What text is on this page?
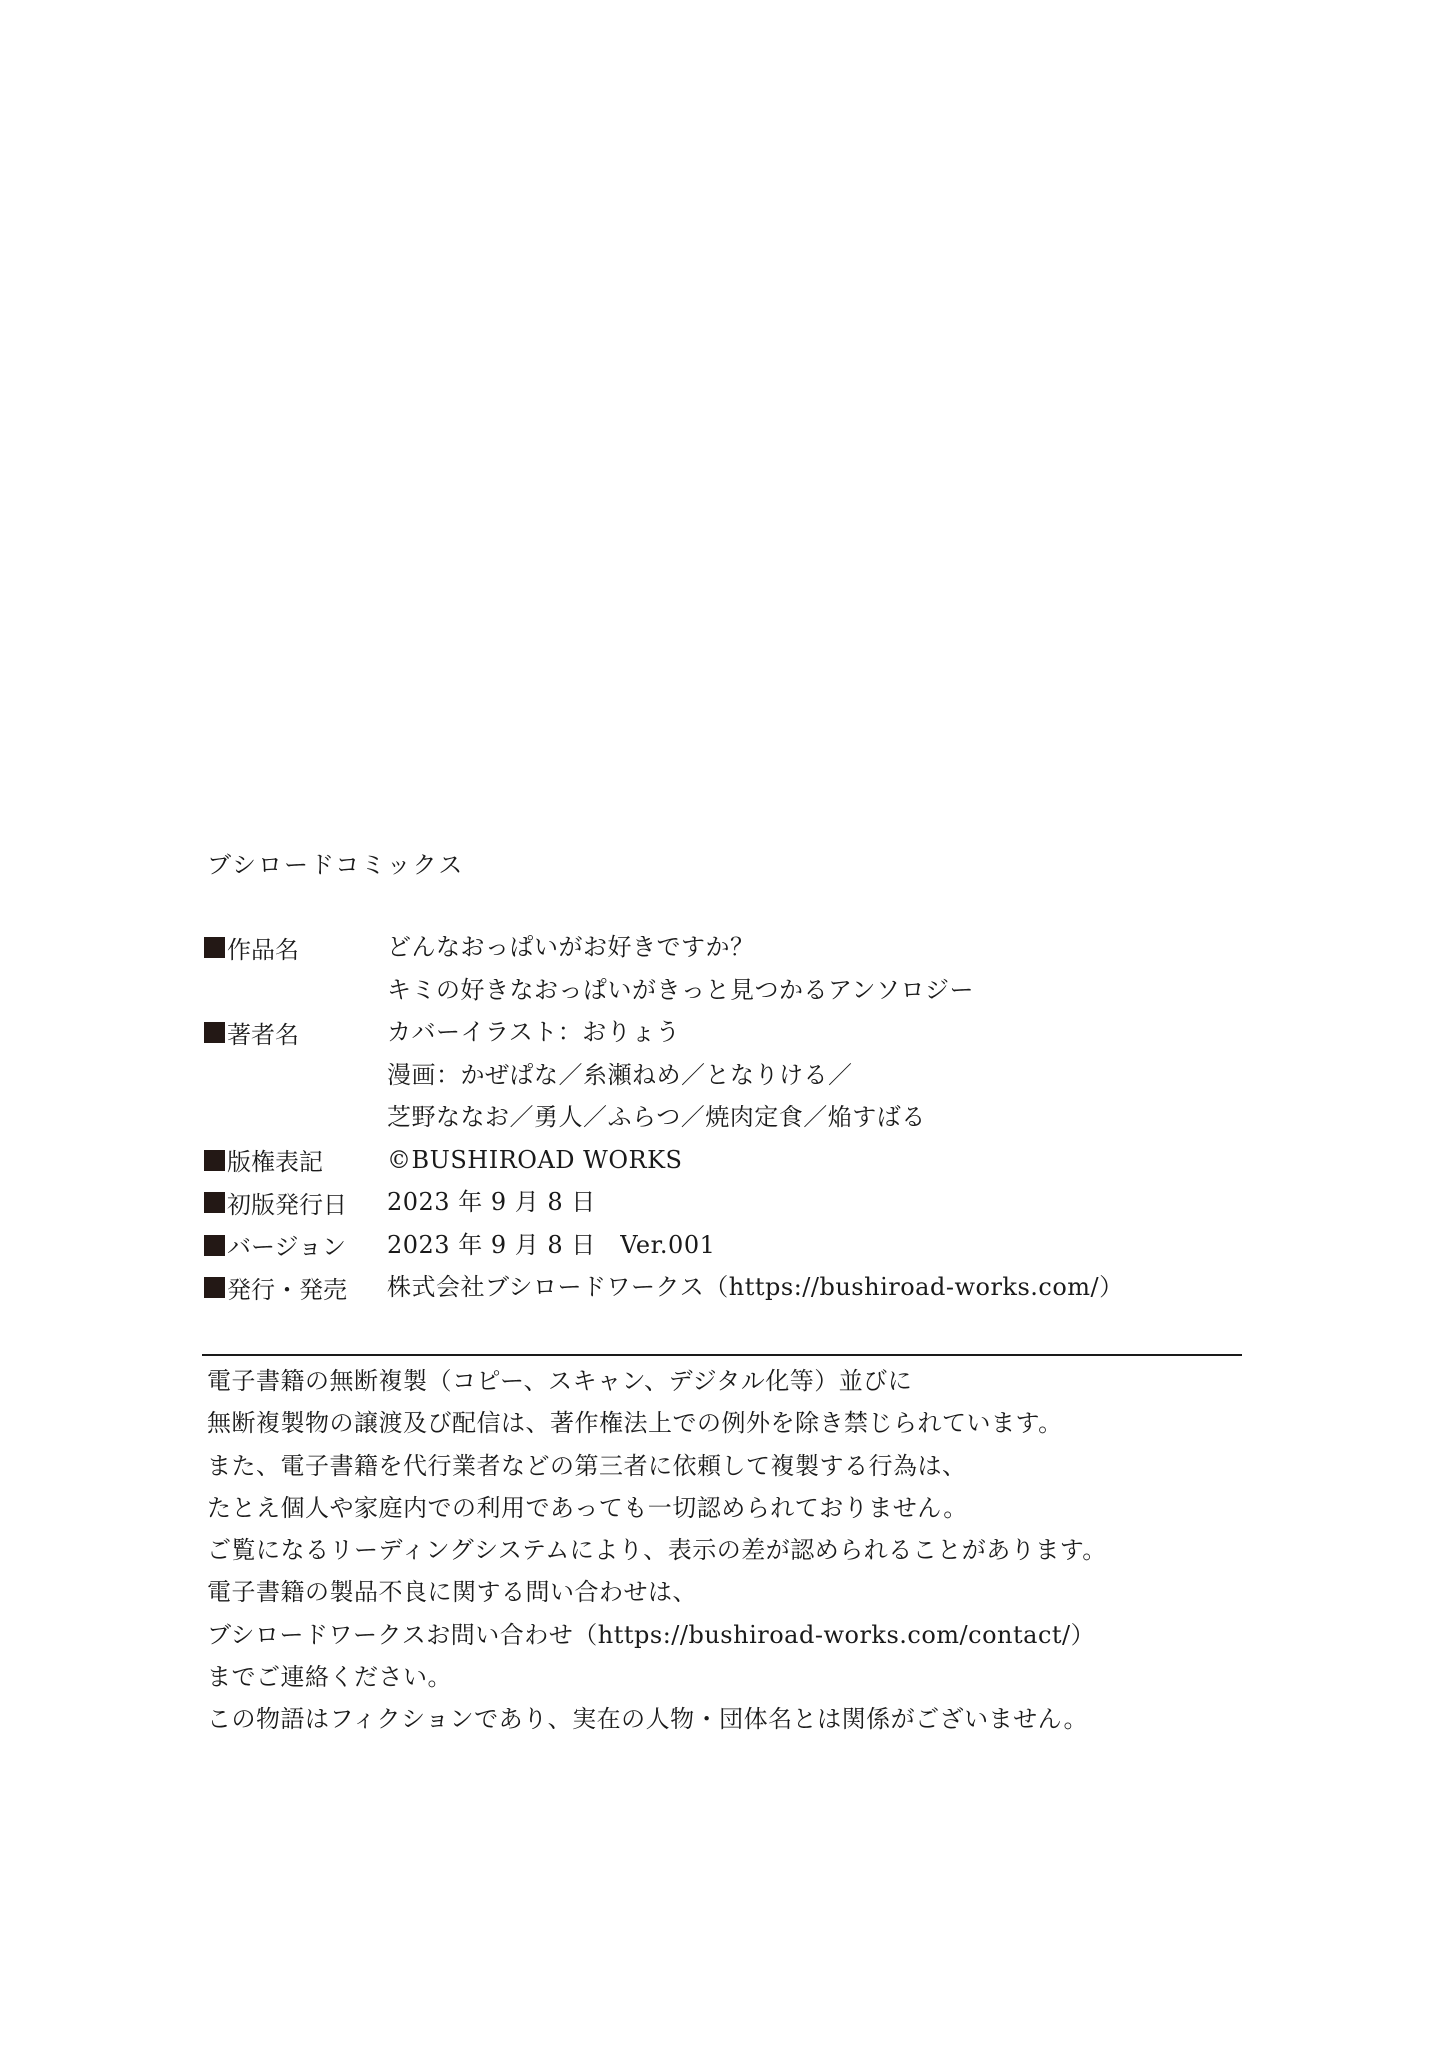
ブシロードコミックス
作品名	どんなおっぱいがお好きですか？
キミの好きなおっぱいがきっと見つかるアンソロジー
著者名	カバーイラスト：おりょう
漫画：かぜぱな／糸瀬ねめ／となりける／
芝野ななお／勇人／ふらつ／焼肉定食／焔すばる
版権表記	©BUSHIROAD WORKS
初版発行日 2023 年 9 月 8 日
バージョン 2023 年 9 月 8 日　Ver.001
発行・発売 株式会社ブシロードワークス（https://bushiroad-works.com/）
電子書籍の無断複製（コピー、スキャン、デジタル化等）並びに
無断複製物の譲渡及び配信は、著作権法上での例外を除き禁じられています。
また、電子書籍を代行業者などの第三者に依頼して複製する行為は、
たとえ個人や家庭内での利用であっても一切認められておりません。
ご覧になるリーディングシステムにより、表示の差が認められることがあります。
電子書籍の製品不良に関する問い合わせは、
ブシロードワークスお問い合わせ（https://bushiroad-works.com/contact/）
までご連絡ください。
この物語はフィクションであり、実在の人物・団体名とは関係がございません。
